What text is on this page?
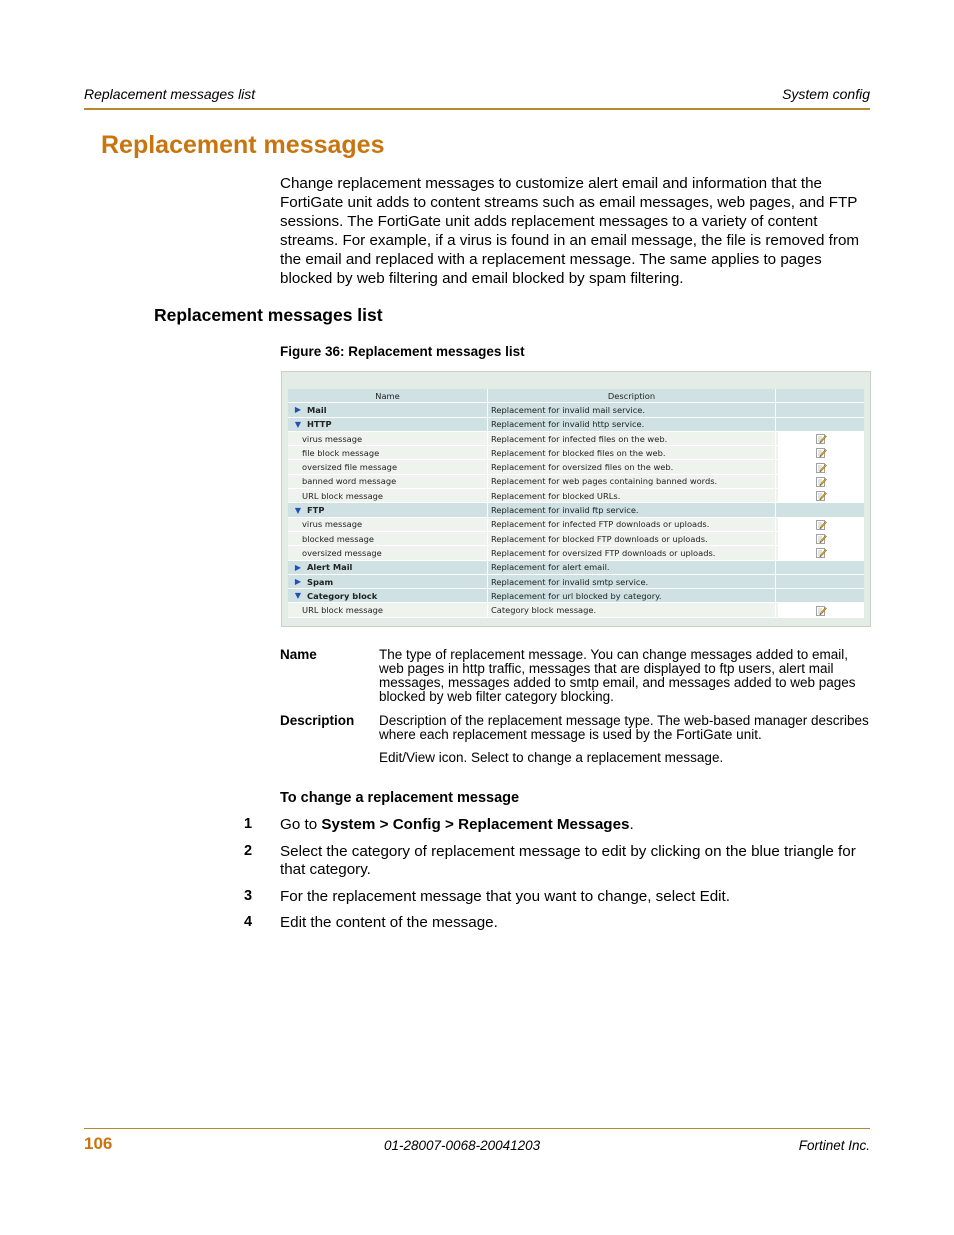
Replacement messages list	System config
Replacement messages

Change replacement messages to customize alert email and information that the FortiGate unit adds to content streams such as email messages, web pages, and FTP sessions. The FortiGate unit adds replacement messages to a variety of content streams. For example, if a virus is found in an email message, the file is removed from the email and replaced with a replacement message. The same applies to pages blocked by web filtering and email blocked by spam filtering.

Replacement messages list
Figure 36: Replacement messages list
Name	Description
▶ Mail	Replacement for invalid mail service.
▼ HTTP	Replacement for invalid http service.
virus message	Replacement for infected files on the web.
file block message	Replacement for blocked files on the web.
oversized file message	Replacement for oversized files on the web.
banned word message	Replacement for web pages containing banned words.
URL block message	Replacement for blocked URLs.
▼ FTP	Replacement for invalid ftp service.
virus message	Replacement for infected FTP downloads or uploads.
blocked message	Replacement for blocked FTP downloads or uploads.
oversized message	Replacement for oversized FTP downloads or uploads.
▶ Alert Mail	Replacement for alert email.
▶ Spam	Replacement for invalid smtp service.
▼ Category block	Replacement for url blocked by category.
URL block message	Category block message.
Name	The type of replacement message. You can change messages added to email, web pages in http traffic, messages that are displayed to ftp users, alert mail messages, messages added to smtp email, and messages added to web pages blocked by web filter category blocking.

Description Description of the replacement message type. The web-based manager describes where each replacement message is used by the FortiGate unit.

Edit/View icon. Select to change a replacement message.

To change a replacement message
1 Go to System > Config > Replacement Messages.

2 Select the category of replacement message to edit by clicking on the blue triangle for that category.

3 For the replacement message that you want to change, select Edit.

4 Edit the content of the message.

106	01-28007-0068-20041203	Fortinet Inc.
